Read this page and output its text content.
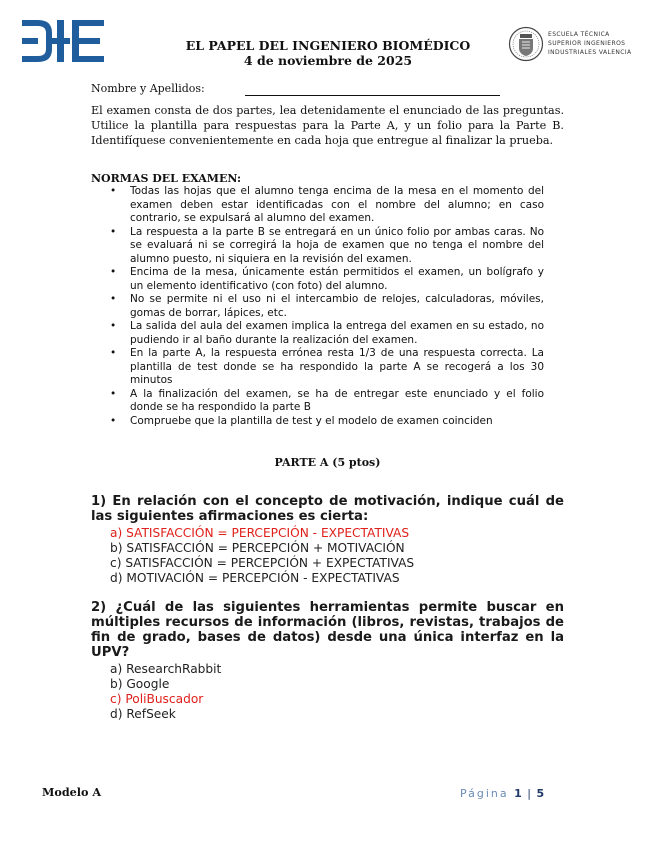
EL PAPEL DEL INGENIERO BIOMÉDICO
4 de noviembre de 2025
ESCUELA TÉCNICA
SUPERIOR INGENIEROS
INDUSTRIALES VALENCIA
Nombre y Apellidos:
El examen consta de dos partes, lea detenidamente el enunciado de las preguntas. Utilice la plantilla para respuestas para la Parte A, y un folio para la Parte B. Identifíquese convenientemente en cada hoja que entregue al finalizar la prueba.
NORMAS DEL EXAMEN:
• Todas las hojas que el alumno tenga encima de la mesa en el momento del examen deben estar identificadas con el nombre del alumno; en caso contrario, se expulsará al alumno del examen.
• La respuesta a la parte B se entregará en un único folio por ambas caras. No se evaluará ni se corregirá la hoja de examen que no tenga el nombre del alumno puesto, ni siquiera en la revisión del examen.
• Encima de la mesa, únicamente están permitidos el examen, un bolígrafo y un elemento identificativo (con foto) del alumno.
• No se permite ni el uso ni el intercambio de relojes, calculadoras, móviles, gomas de borrar, lápices, etc.
• La salida del aula del examen implica la entrega del examen en su estado, no pudiendo ir al baño durante la realización del examen.
• En la parte A, la respuesta errónea resta 1/3 de una respuesta correcta. La plantilla de test donde se ha respondido la parte A se recogerá a los 30 minutos
• A la finalización del examen, se ha de entregar este enunciado y el folio donde se ha respondido la parte B
• Compruebe que la plantilla de test y el modelo de examen coinciden
PARTE A (5 ptos)
1) En relación con el concepto de motivación, indique cuál de las siguientes afirmaciones es cierta:
a) SATISFACCIÓN = PERCEPCIÓN - EXPECTATIVAS
b) SATISFACCIÓN = PERCEPCIÓN + MOTIVACIÓN
c) SATISFACCIÓN = PERCEPCIÓN + EXPECTATIVAS
d) MOTIVACIÓN = PERCEPCIÓN - EXPECTATIVAS
2) ¿Cuál de las siguientes herramientas permite buscar en múltiples recursos de información (libros, revistas, trabajos de fin de grado, bases de datos) desde una única interfaz en la UPV?
a) ResearchRabbit
b) Google
c) PoliBuscador
d) RefSeek
Modelo A	Página 1 | 5
